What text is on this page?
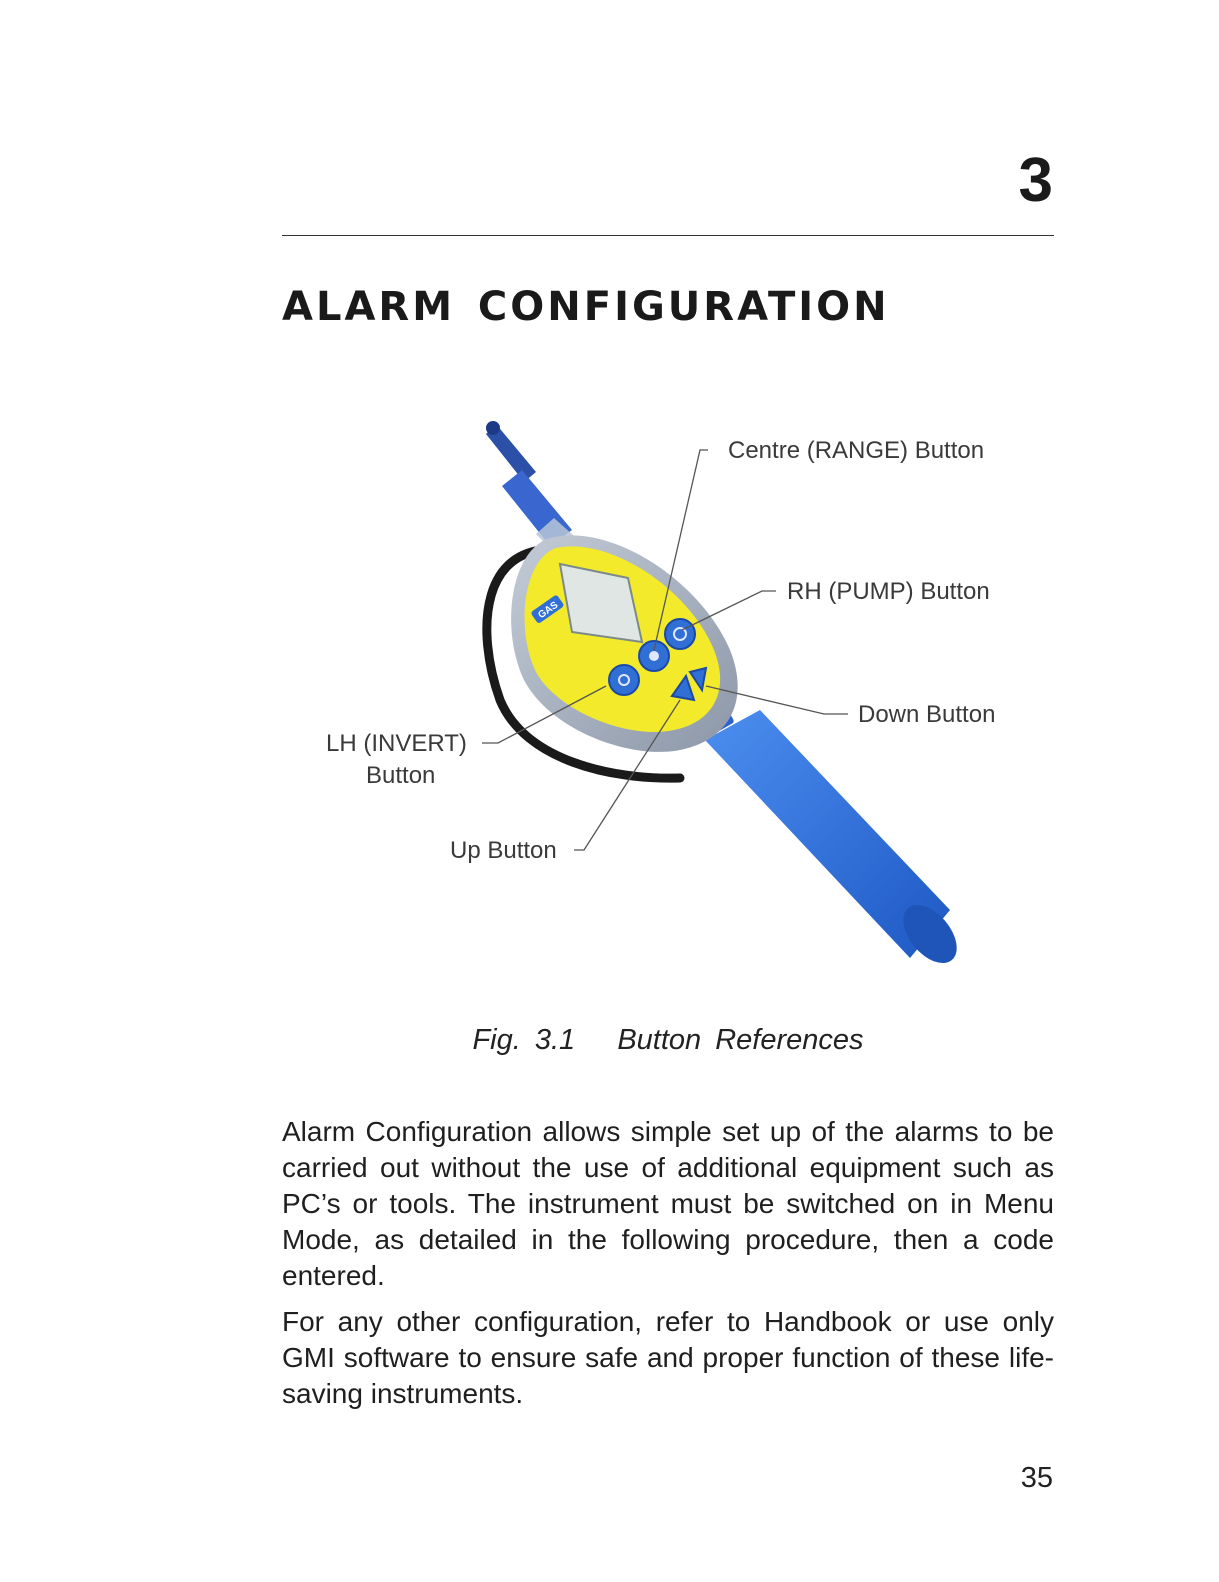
3
ALARM CONFIGURATION
GAS
Centre (RANGE) Button
RH (PUMP) Button
Down Button
LH (INVERT)
Button
Up Button
Fig. 3.1   Button References

Alarm Configuration allows simple set up of the alarms to be carried out without the use of additional equipment such as PC’s or tools. The instrument must be switched on in Menu Mode, as detailed in the following procedure, then a code entered.

For any other configuration, refer to Handbook or use only GMI software to ensure safe and proper function of these life-saving instruments.

35
